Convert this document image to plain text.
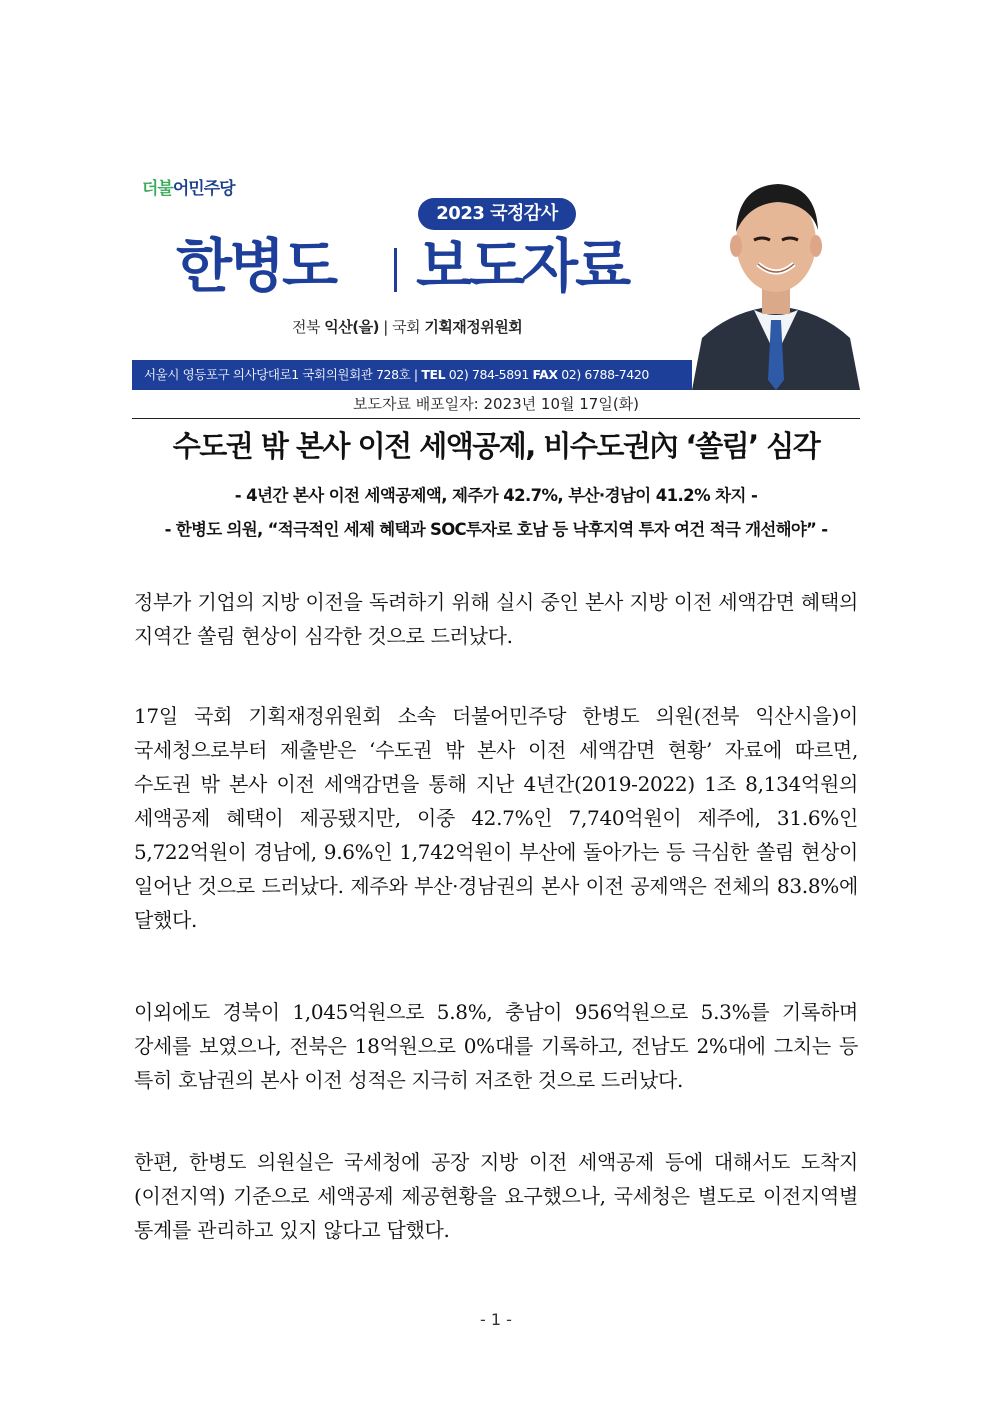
더불어민주당
2023 국정감사
한병도 보도자료
전북 익산(을) | 국회 기획재정위원회
서울시 영등포구 의사당대로1 국회의원회관 728호 | TEL 02) 784-5891 FAX 02) 6788-7420
보도자료 배포일자: 2023년 10월 17일(화)
수도권 밖 본사 이전 세액공제, 비수도권內 ‘쏠림’ 심각
- 4년간 본사 이전 세액공제액, 제주가 42.7%, 부산·경남이 41.2% 차지 -
- 한병도 의원, “적극적인 세제 혜택과 SOC투자로 호남 등 낙후지역 투자 여건 적극 개선해야” -
정부가 기업의 지방 이전을 독려하기 위해 실시 중인 본사 지방 이전 세액감면 혜택의 지역간 쏠림 현상이 심각한 것으로 드러났다.
17일 국회 기획재정위원회 소속 더불어민주당 한병도 의원(전북 익산시을)이 국세청으로부터 제출받은 ‘수도권 밖 본사 이전 세액감면 현황’ 자료에 따르면, 수도권 밖 본사 이전 세액감면을 통해 지난 4년간(2019-2022) 1조 8,134억원의 세액공제 혜택이 제공됐지만, 이중 42.7%인 7,740억원이 제주에, 31.6%인 5,722억원이 경남에, 9.6%인 1,742억원이 부산에 돌아가는 등 극심한 쏠림 현상이 일어난 것으로 드러났다. 제주와 부산·경남권의 본사 이전 공제액은 전체의 83.8%에 달했다.
이외에도 경북이 1,045억원으로 5.8%, 충남이 956억원으로 5.3%를 기록하며 강세를 보였으나, 전북은 18억원으로 0%대를 기록하고, 전남도 2%대에 그치는 등 특히 호남권의 본사 이전 성적은 지극히 저조한 것으로 드러났다.
한편, 한병도 의원실은 국세청에 공장 지방 이전 세액공제 등에 대해서도 도착지(이전지역) 기준으로 세액공제 제공현황을 요구했으나, 국세청은 별도로 이전지역별 통계를 관리하고 있지 않다고 답했다.
- 1 -
